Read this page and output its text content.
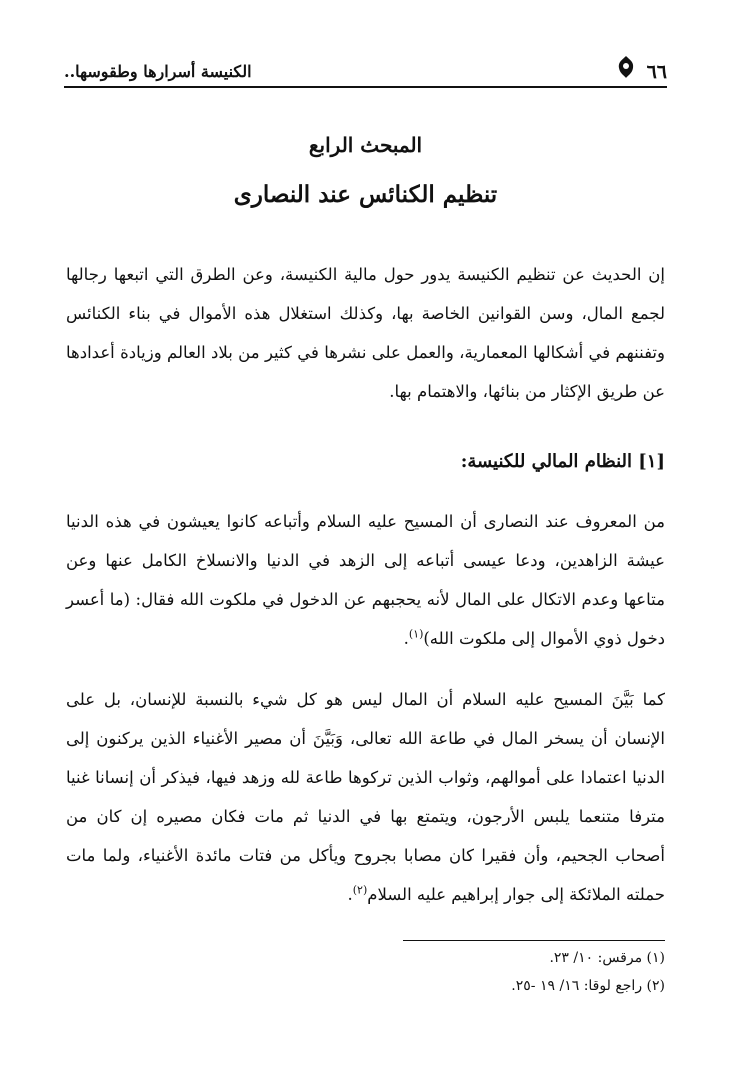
٦٦
الكنيسة أسرارها وطقوسها..
المبحث الرابع
تنظيم الكنائس عند النصارى

إن الحديث عن تنظيم الكنيسة يدور حول مالية الكنيسة، وعن الطرق التي اتبعها رجالها لجمع المال، وسن القوانين الخاصة بها، وكذلك استغلال هذه الأموال في بناء الكنائس وتفننهم في أشكالها المعمارية، والعمل على نشرها في كثير من بلاد العالم وزيادة أعدادها عن طريق الإكثار من بنائها، والاهتمام بها.

[١] النظام المالي للكنيسة:

من المعروف عند النصارى أن المسيح عليه السلام وأتباعه كانوا يعيشون في هذه الدنيا عيشة الزاهدين، ودعا عيسى أتباعه إلى الزهد في الدنيا والانسلاخ الكامل عنها وعن متاعها وعدم الاتكال على المال لأنه يحجبهم عن الدخول في ملكوت الله فقال: (ما أعسر دخول ذوي الأموال إلى ملكوت الله)$^{(١)}$.

كما بَيَّنَ المسيح عليه السلام أن المال ليس هو كل شيء بالنسبة للإنسان، بل على الإنسان أن يسخر المال في طاعة الله تعالى، وَبَيَّنَ أن مصير الأغنياء الذين يركنون إلى الدنيا اعتمادا على أموالهم، وثواب الذين تركوها طاعة لله وزهد فيها، فيذكر أن إنسانا غنيا مترفا متنعما يلبس الأرجون، ويتمتع بها في الدنيا ثم مات فكان مصيره إن كان من أصحاب الجحيم، وأن فقيرا كان مصابا بجروح ويأكل من فتات مائدة الأغنياء، ولما مات حملته الملائكة إلى جوار إبراهيم عليه السلام$^{(٢)}$.

(١) مرقس: ١٠/ ٢٣.
(٢) راجع لوقا: ١٦/ ١٩ -٢٥.
